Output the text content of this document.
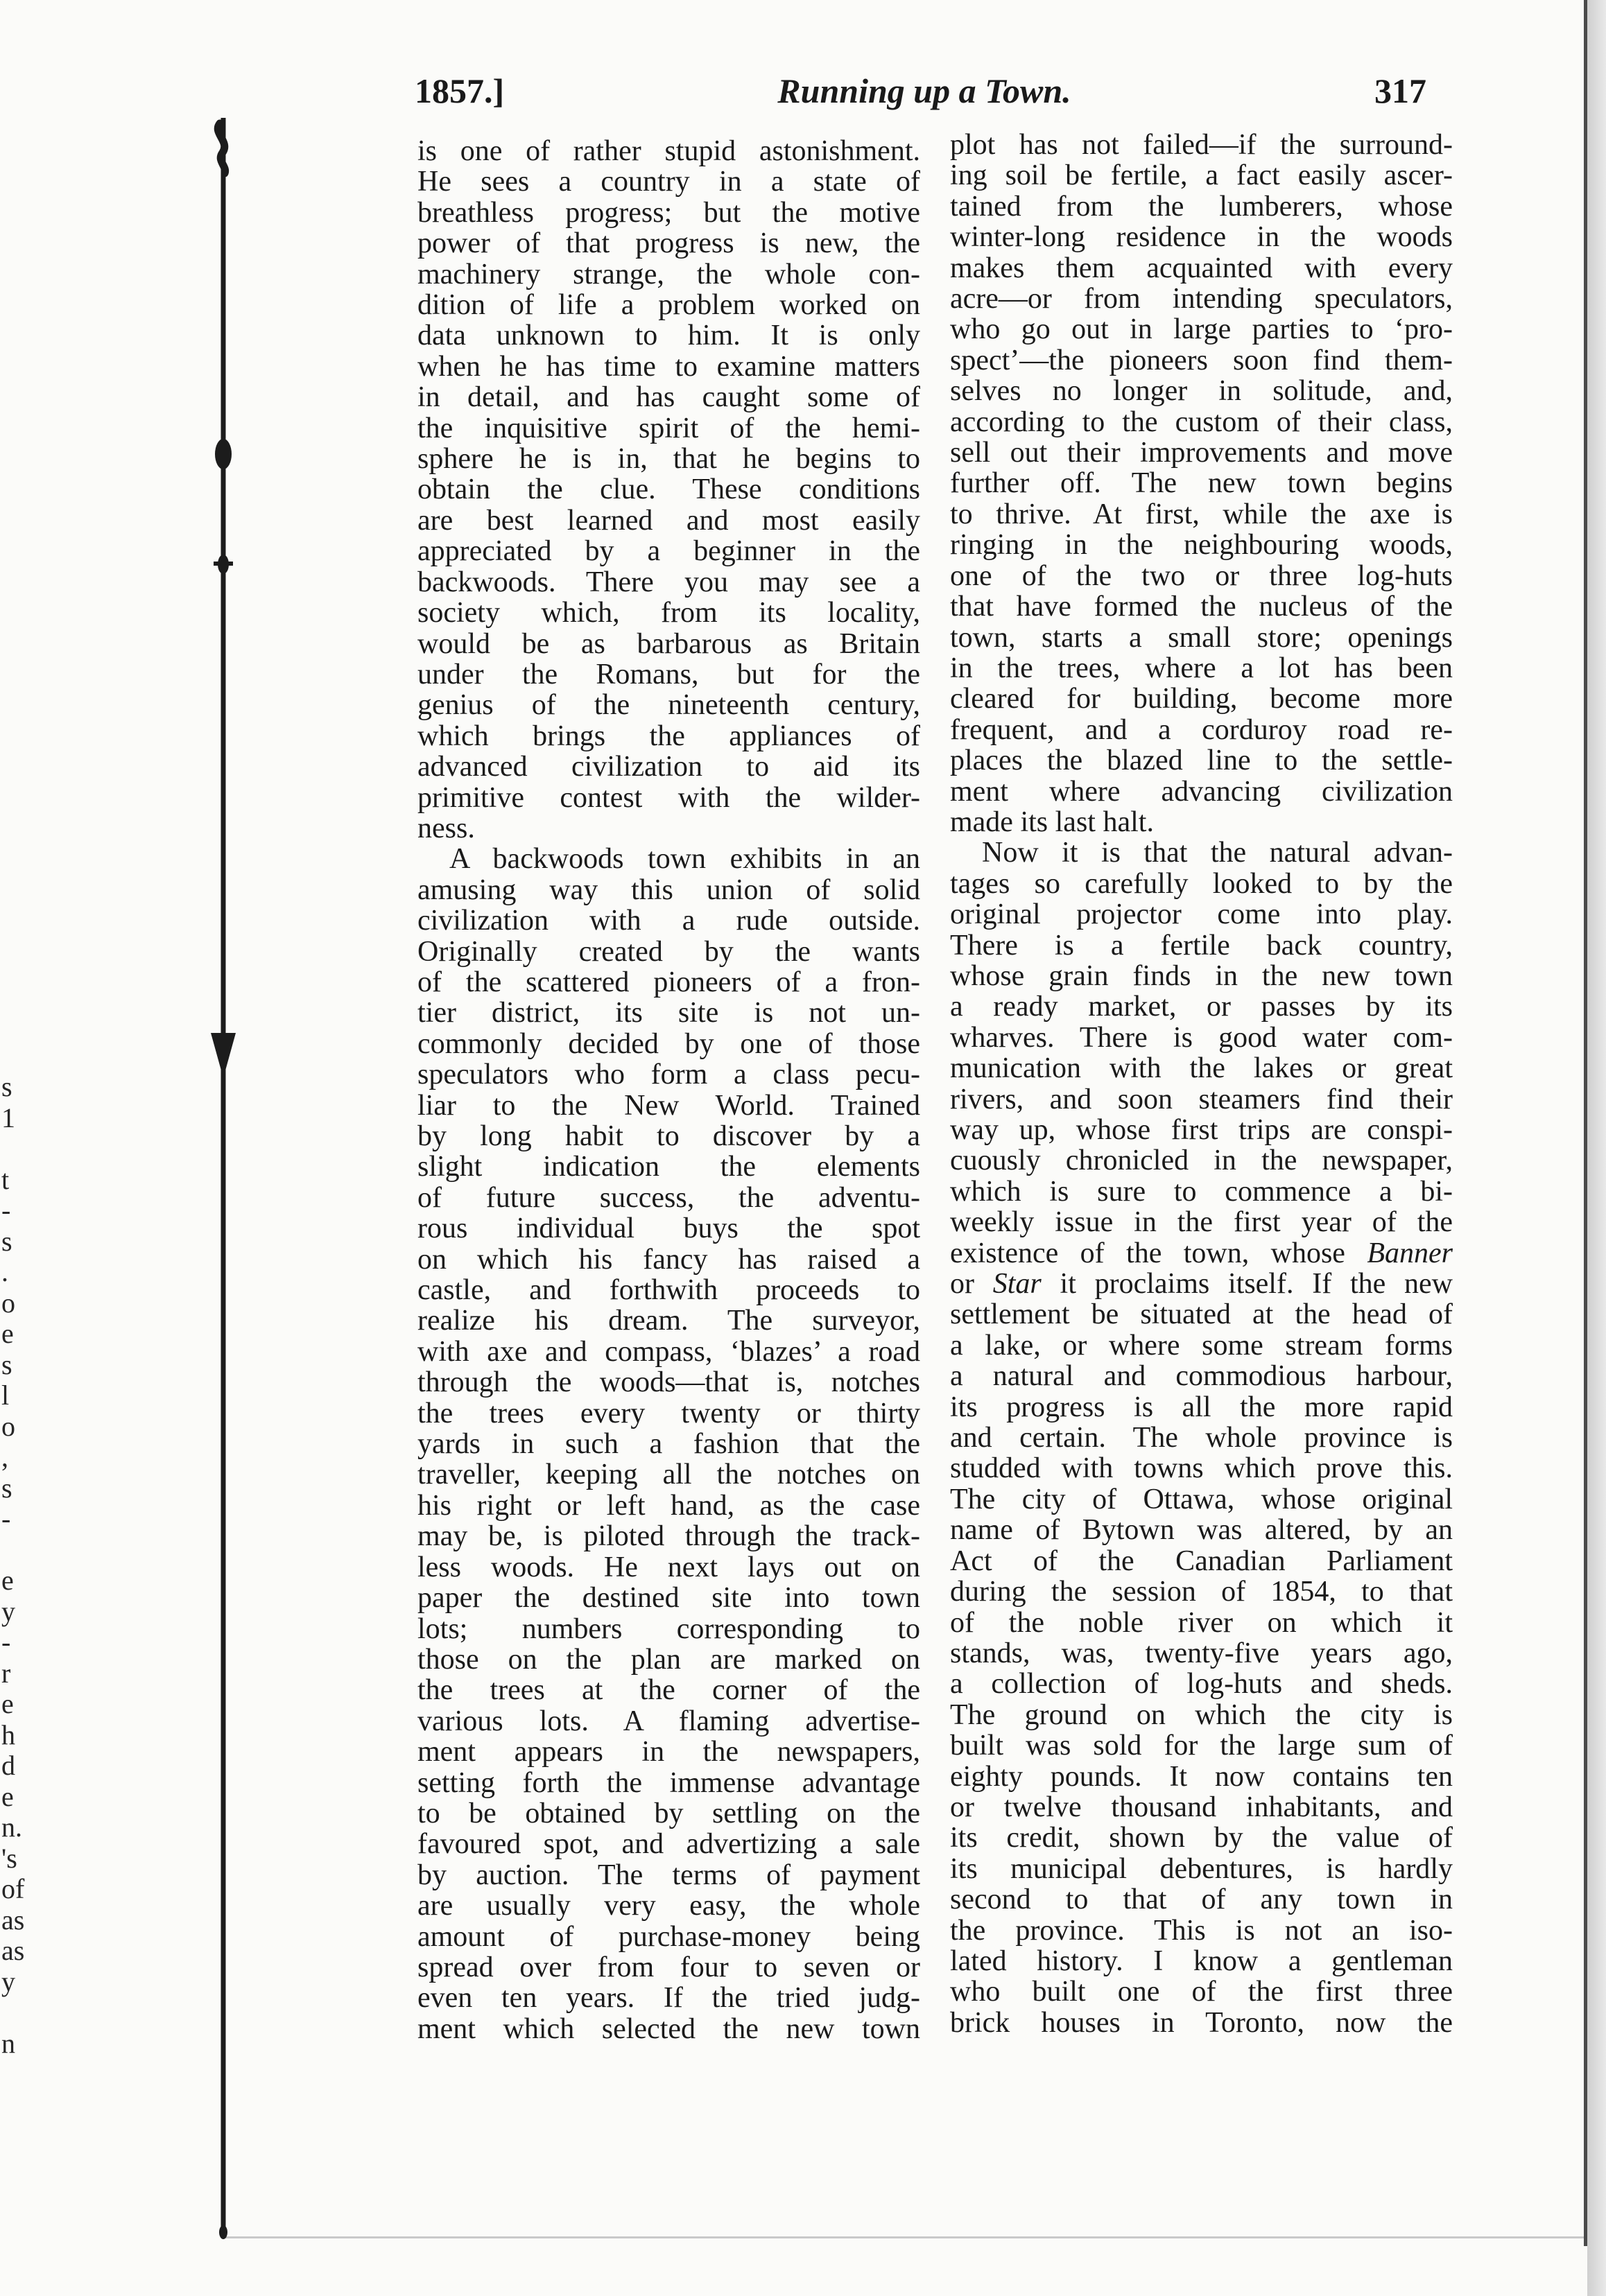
s
1
t
-
s
.
o
e
s
l
o
,
s
-
e
y
-
r
e
h
d
e
n.
's
of
as
as
y
n
1857.]	Running up a Town.	317
is one of rather stupid astonishment.
He sees a country in a state of
breathless progress; but the motive
power of that progress is new, the
machinery strange, the whole con-
dition of life a problem worked on
data unknown to him. It is only
when he has time to examine matters
in detail, and has caught some of
the inquisitive spirit of the hemi-
sphere he is in, that he begins to
obtain the clue. These conditions
are best learned and most easily
appreciated by a beginner in the
backwoods. There you may see a
society which, from its locality,
would be as barbarous as Britain
under the Romans, but for the
genius of the nineteenth century,
which brings the appliances of
advanced civilization to aid its
primitive contest with the wilder-
ness.
A backwoods town exhibits in an
amusing way this union of solid
civilization with a rude outside.
Originally created by the wants
of the scattered pioneers of a fron-
tier district, its site is not un-
commonly decided by one of those
speculators who form a class pecu-
liar to the New World. Trained
by long habit to discover by a
slight indication the elements
of future success, the adventu-
rous individual buys the spot
on which his fancy has raised a
castle, and forthwith proceeds to
realize his dream. The surveyor,
with axe and compass, ‘blazes’ a road
through the woods—that is, notches
the trees every twenty or thirty
yards in such a fashion that the
traveller, keeping all the notches on
his right or left hand, as the case
may be, is piloted through the track-
less woods. He next lays out on
paper the destined site into town
lots; numbers corresponding to
those on the plan are marked on
the trees at the corner of the
various lots. A flaming advertise-
ment appears in the newspapers,
setting forth the immense advantage
to be obtained by settling on the
favoured spot, and advertizing a sale
by auction. The terms of payment
are usually very easy, the whole
amount of purchase-money being
spread over from four to seven or
even ten years. If the tried judg-
ment which selected the new town
plot has not failed—if the surround-
ing soil be fertile, a fact easily ascer-
tained from the lumberers, whose
winter-long residence in the woods
makes them acquainted with every
acre—or from intending speculators,
who go out in large parties to ‘pro-
spect’—the pioneers soon find them-
selves no longer in solitude, and,
according to the custom of their class,
sell out their improvements and move
further off. The new town begins
to thrive. At first, while the axe is
ringing in the neighbouring woods,
one of the two or three log-huts
that have formed the nucleus of the
town, starts a small store; openings
in the trees, where a lot has been
cleared for building, become more
frequent, and a corduroy road re-
places the blazed line to the settle-
ment where advancing civilization
made its last halt.
Now it is that the natural advan-
tages so carefully looked to by the
original projector come into play.
There is a fertile back country,
whose grain finds in the new town
a ready market, or passes by its
wharves. There is good water com-
munication with the lakes or great
rivers, and soon steamers find their
way up, whose first trips are conspi-
cuously chronicled in the newspaper,
which is sure to commence a bi-
weekly issue in the first year of the
existence of the town, whose Banner
or Star it proclaims itself. If the new
settlement be situated at the head of
a lake, or where some stream forms
a natural and commodious harbour,
its progress is all the more rapid
and certain. The whole province is
studded with towns which prove this.
The city of Ottawa, whose original
name of Bytown was altered, by an
Act of the Canadian Parliament
during the session of 1854, to that
of the noble river on which it
stands, was, twenty-five years ago,
a collection of log-huts and sheds.
The ground on which the city is
built was sold for the large sum of
eighty pounds. It now contains ten
or twelve thousand inhabitants, and
its credit, shown by the value of
its municipal debentures, is hardly
second to that of any town in
the province. This is not an iso-
lated history. I know a gentleman
who built one of the first three
brick houses in Toronto, now the
